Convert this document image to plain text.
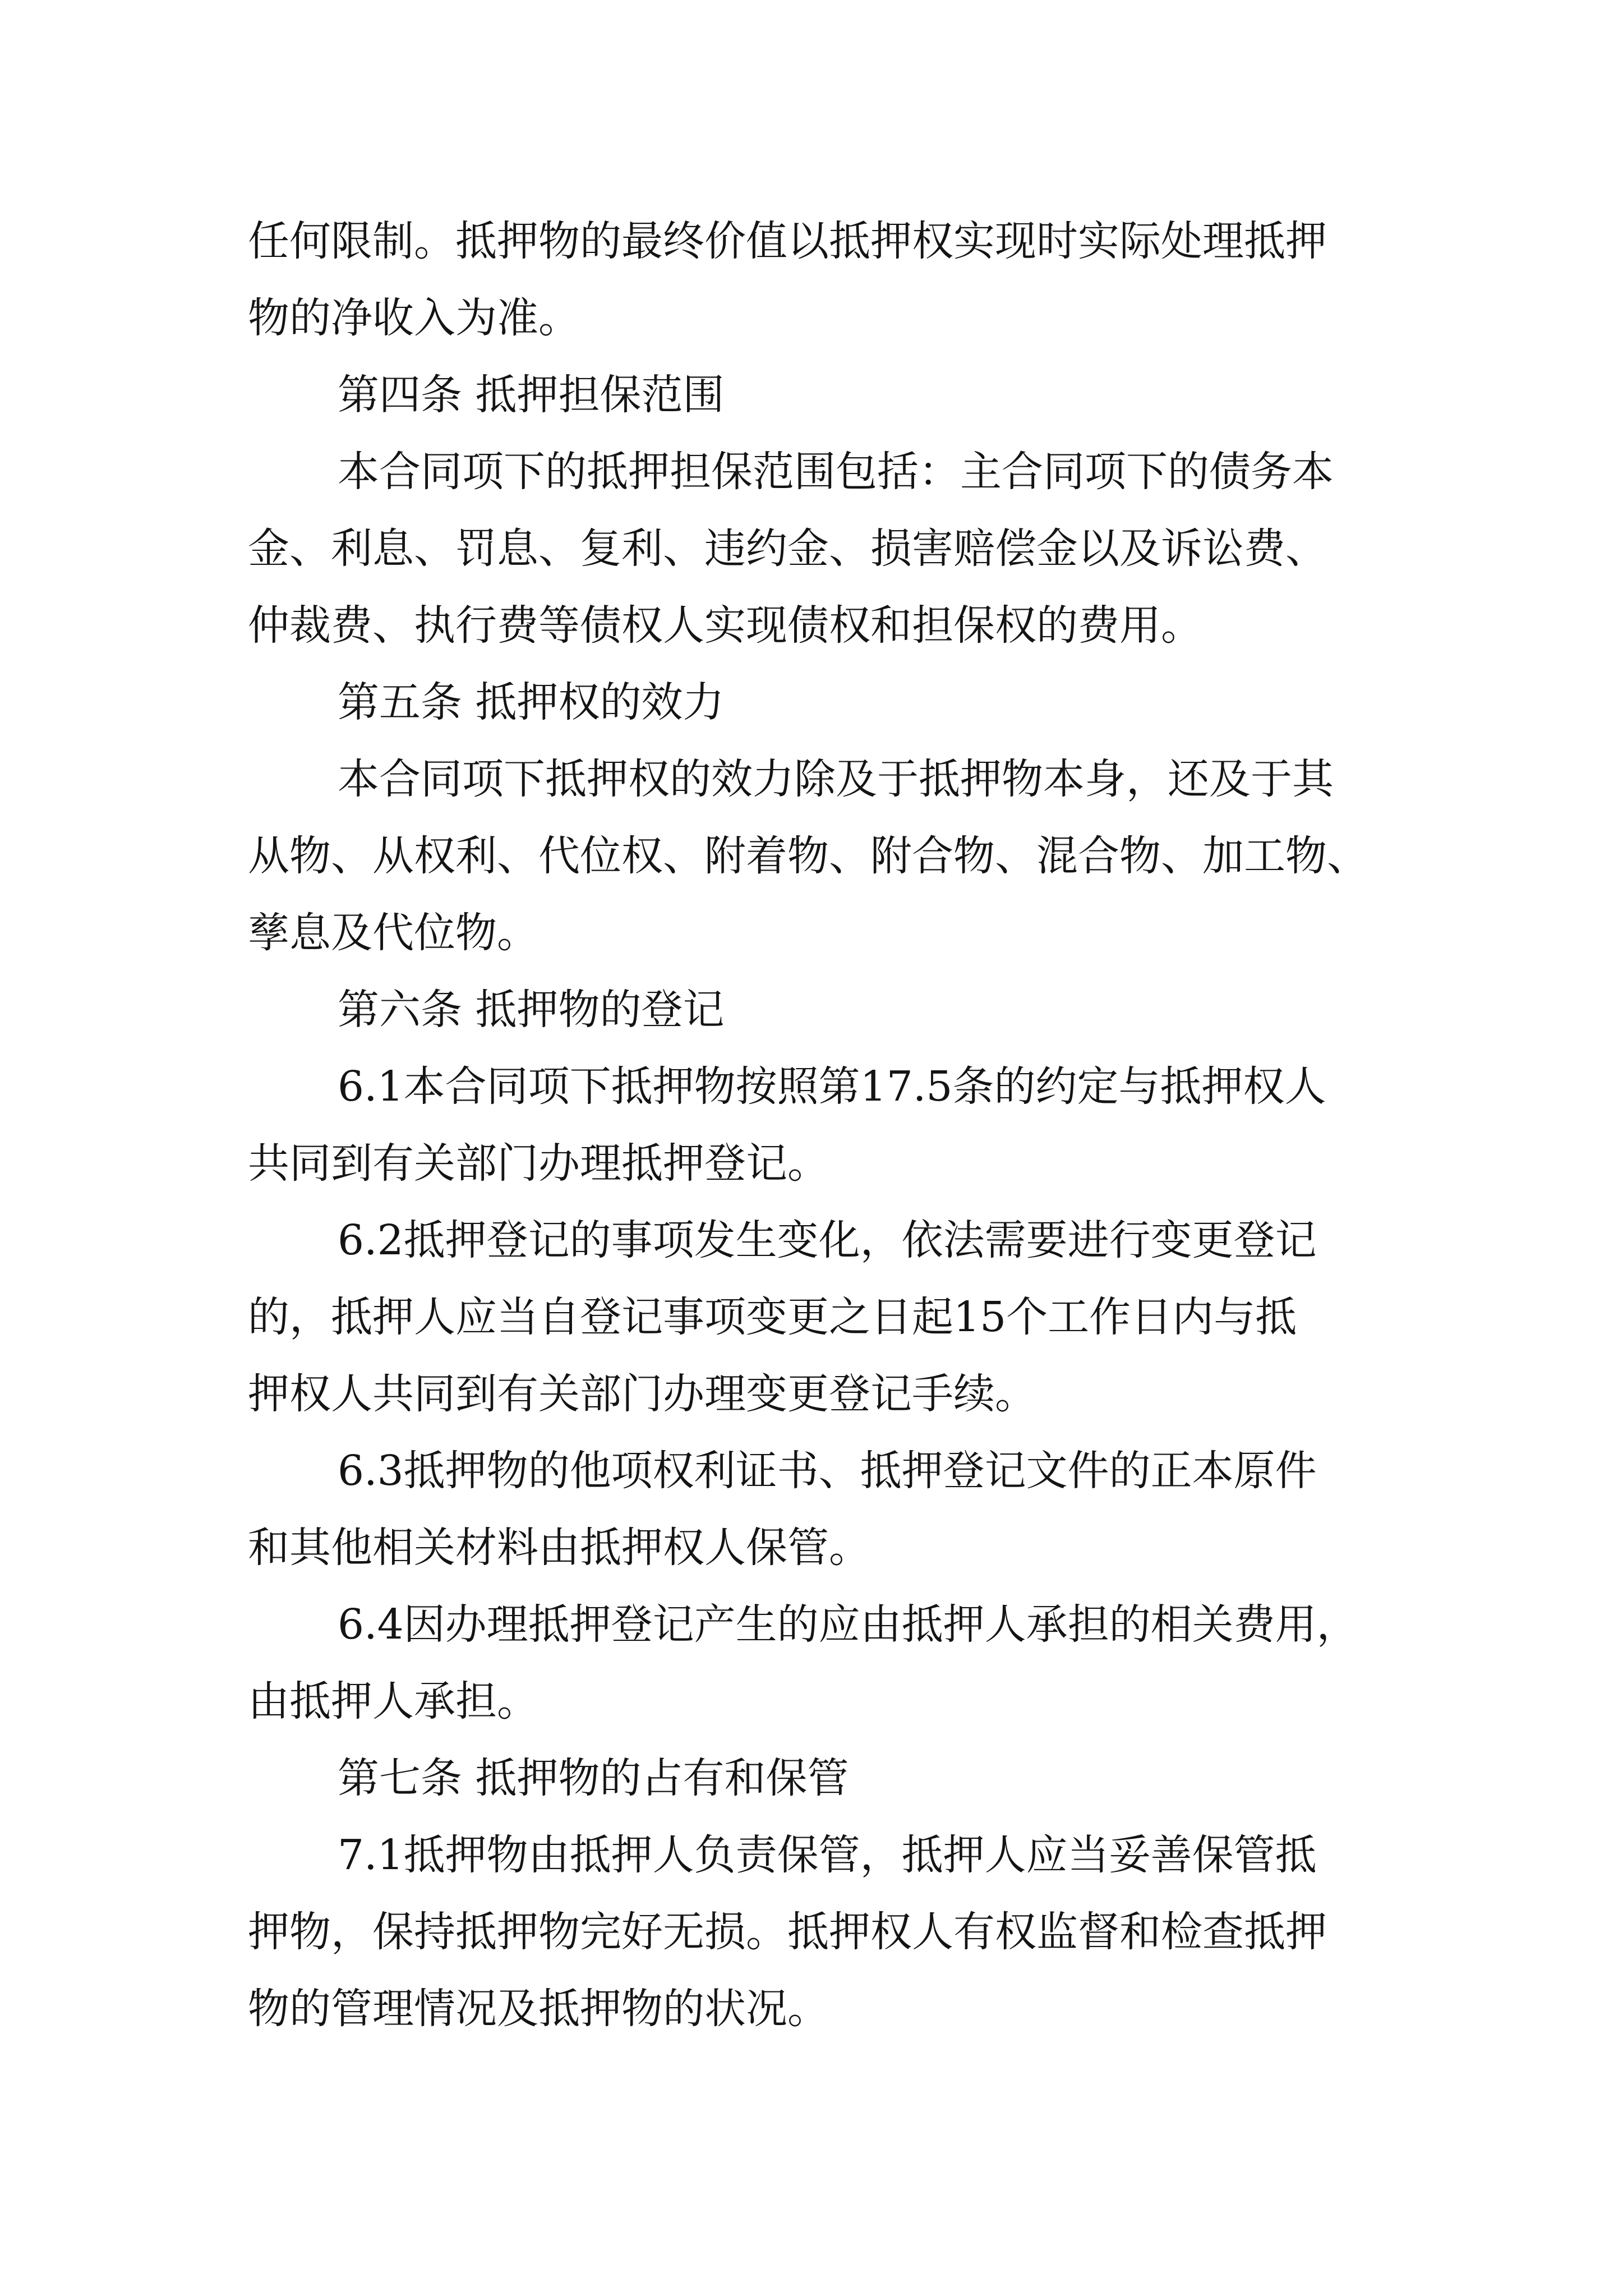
任何限制。抵押物的最终价值以抵押权实现时实际处理抵押
物的净收入为准。
第四条 抵押担保范围
本合同项下的抵押担保范围包括：主合同项下的债务本
金、利息、罚息、复利、违约金、损害赔偿金以及诉讼费、
仲裁费、执行费等债权人实现债权和担保权的费用。
第五条 抵押权的效力
本合同项下抵押权的效力除及于抵押物本身，还及于其
从物、从权利、代位权、附着物、附合物、混合物、加工物、
孳息及代位物。
第六条 抵押物的登记
6.1本合同项下抵押物按照第17.5条的约定与抵押权人
共同到有关部门办理抵押登记。
6.2抵押登记的事项发生变化，依法需要进行变更登记
的，抵押人应当自登记事项变更之日起15个工作日内与抵
押权人共同到有关部门办理变更登记手续。
6.3抵押物的他项权利证书、抵押登记文件的正本原件
和其他相关材料由抵押权人保管。
6.4因办理抵押登记产生的应由抵押人承担的相关费用，
由抵押人承担。
第七条 抵押物的占有和保管
7.1抵押物由抵押人负责保管，抵押人应当妥善保管抵
押物，保持抵押物完好无损。抵押权人有权监督和检查抵押
物的管理情况及抵押物的状况。
